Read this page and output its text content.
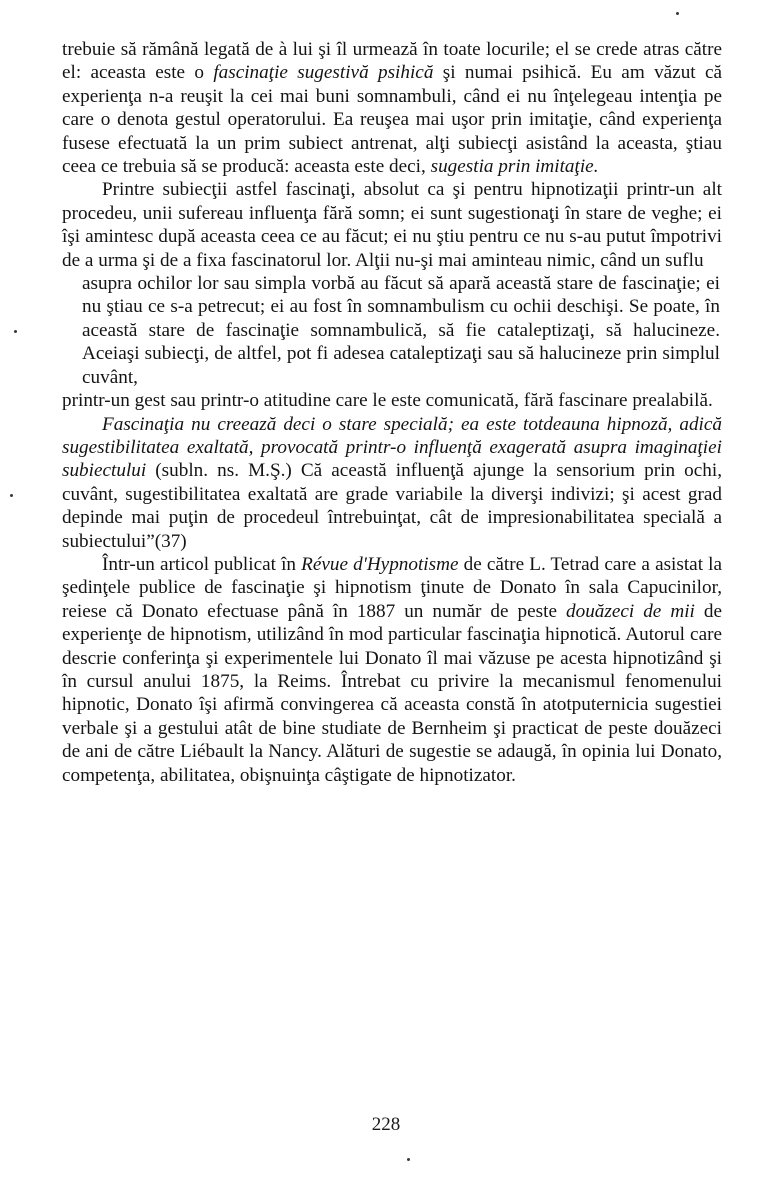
trebuie să rămână legată de à lui şi îl urmează în toate locurile; el se crede atras către el: aceasta este o fascinaţie sugestivă psihică şi numai psihică. Eu am văzut că experienţa n-a reuşit la cei mai buni somnambuli, când ei nu înţelegeau intenţia pe care o denota gestul operatorului. Ea reuşea mai uşor prin imitaţie, când experienţa fusese efectuată la un prim subiect antrenat, alţi subiecţi asistând la aceasta, ştiau ceea ce trebuia să se producă: aceasta este deci, sugestia prin imitaţie.

Printre subiecţii astfel fascinaţi, absolut ca şi pentru hipnotizaţii printr-un alt procedeu, unii sufereau influenţa fără somn; ei sunt sugestionaţi în stare de veghe; ei îşi amintesc după aceasta ceea ce au făcut; ei nu ştiu pentru ce nu s-au putut împotrivi de a urma şi de a fixa fascinatorul lor. Alţii nu-şi mai aminteau nimic, când un suflu

asupra ochilor lor sau simpla vorbă au făcut să apară această stare de fascinaţie; ei nu ştiau ce s-a petrecut; ei au fost în somnambulism cu ochii deschişi. Se poate, în această stare de fascinaţie somnambulică, să fie cataleptizaţi, să halucineze. Aceiaşi subiecţi, de altfel, pot fi adesea cataleptizaţi sau să halucineze prin simplul cuvânt,

printr-un gest sau printr-o atitudine care le este comunicată, fără fascinare prealabilă.

Fascinaţia nu creează deci o stare specială; ea este totdeauna hipnoză, adică sugestibilitatea exaltată, provocată printr-o influenţă exagerată asupra imaginaţiei subiectului (subln. ns. M.Ş.) Că această influenţă ajunge la sensorium prin ochi, cuvânt, sugestibilitatea exaltată are grade variabile la diverşi indivizi; şi acest grad depinde mai puţin de procedeul întrebuinţat, cât de impresionabilitatea specială a subiectului”(37)

Într-un articol publicat în Révue d'Hypnotisme de către L. Tetrad care a asistat la şedinţele publice de fascinaţie şi hipnotism ţinute de Donato în sala Capucinilor, reiese că Donato efectuase până în 1887 un număr de peste douăzeci de mii de experienţe de hipnotism, utilizând în mod particular fascinaţia hipnotică. Autorul care descrie conferinţa şi experimentele lui Donato îl mai văzuse pe acesta hipnotizând şi în cursul anului 1875, la Reims. Întrebat cu privire la mecanismul fenomenului hipnotic, Donato îşi afirmă convingerea că aceasta constă în atotputernicia sugestiei verbale şi a gestului atât de bine studiate de Bernheim şi practicat de peste douăzeci de ani de către Liébault la Nancy. Alături de sugestie se adaugă, în opinia lui Donato, competenţa, abilitatea, obişnuinţa câştigate de hipnotizator.

228
